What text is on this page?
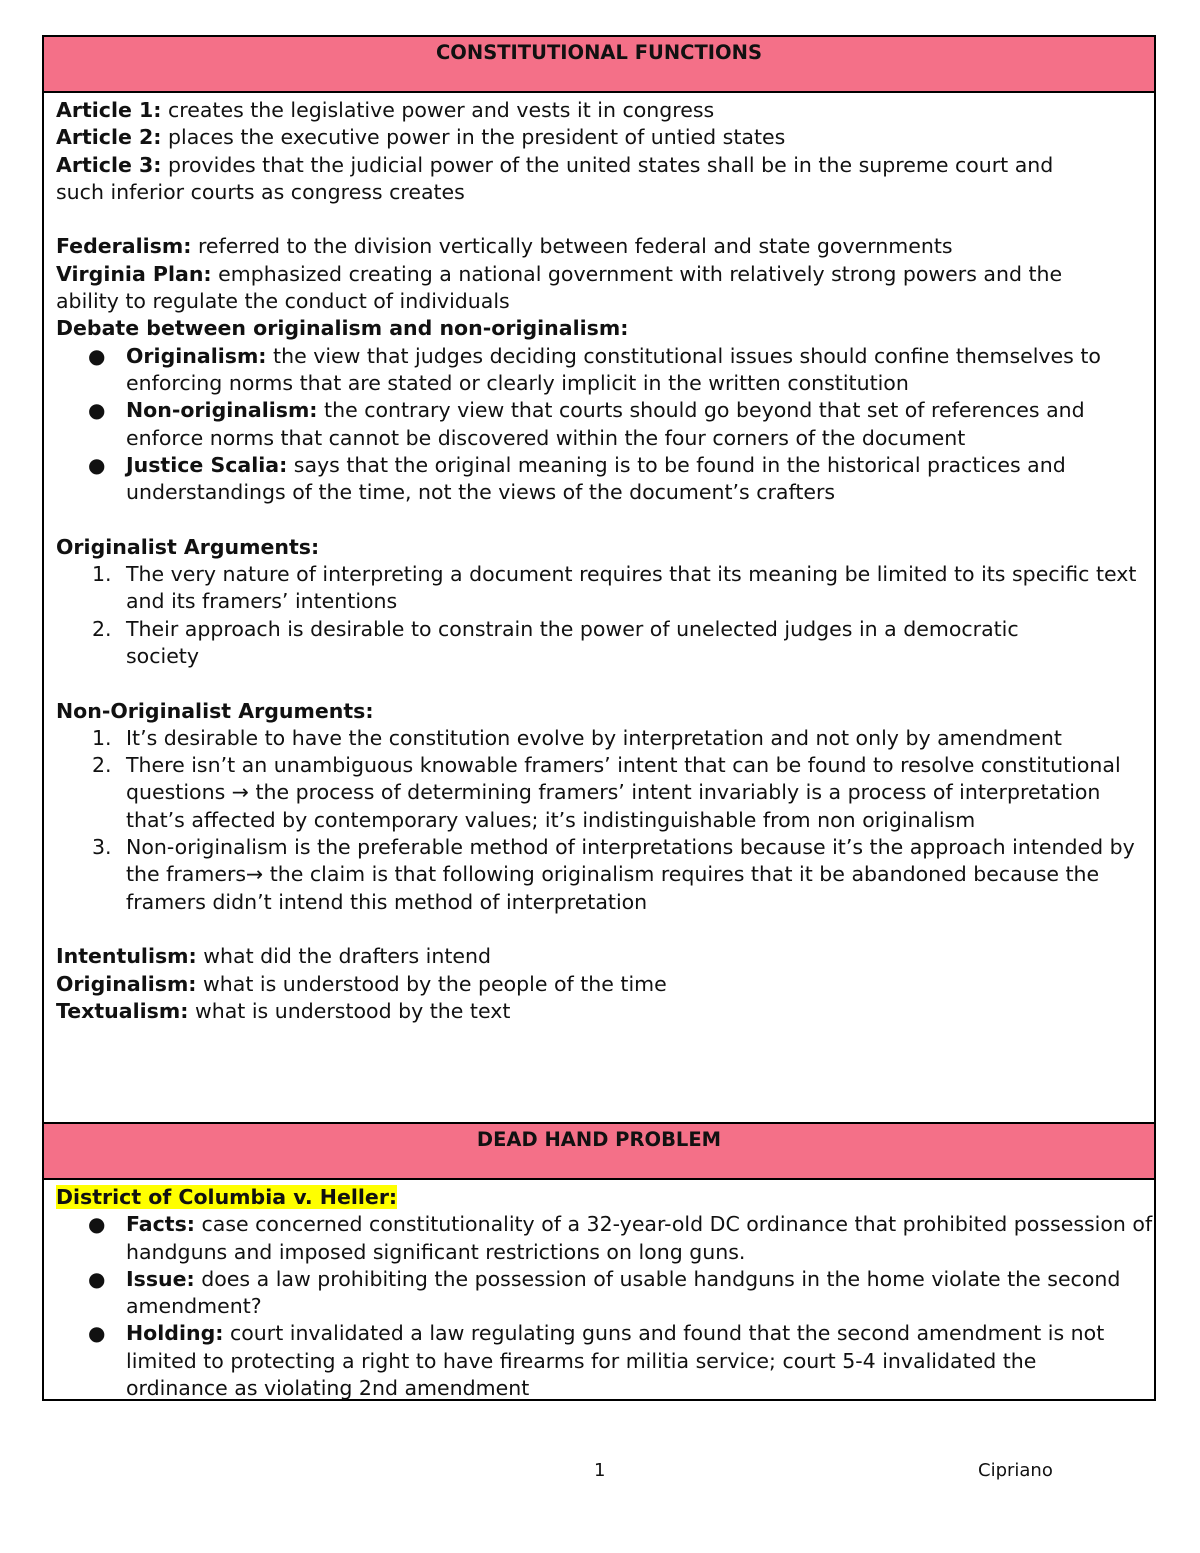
CONSTITUTIONAL FUNCTIONS
Article 1: creates the legislative power and vests it in congress
Article 2: places the executive power in the president of untied states
Article 3: provides that the judicial power of the united states shall be in the supreme court and such inferior courts as congress creates
Federalism: referred to the division vertically between federal and state governments
Virginia Plan: emphasized creating a national government with relatively strong powers and the ability to regulate the conduct of individuals
Debate between originalism and non-originalism:
● Originalism: the view that judges deciding constitutional issues should confine themselves to enforcing norms that are stated or clearly implicit in the written constitution
● Non-originalism: the contrary view that courts should go beyond that set of references and enforce norms that cannot be discovered within the four corners of the document
● Justice Scalia: says that the original meaning is to be found in the historical practices and understandings of the time, not the views of the document’s crafters
Originalist Arguments:
1. The very nature of interpreting a document requires that its meaning be limited to its specific text and its framers’ intentions
2. Their approach is desirable to constrain the power of unelected judges in a democratic society
Non-Originalist Arguments:
1. It’s desirable to have the constitution evolve by interpretation and not only by amendment
2. There isn’t an unambiguous knowable framers’ intent that can be found to resolve constitutional questions → the process of determining framers’ intent invariably is a process of interpretation that’s affected by contemporary values; it’s indistinguishable from non originalism
3. Non-originalism is the preferable method of interpretations because it’s the approach intended by the framers→ the claim is that following originalism requires that it be abandoned because the framers didn’t intend this method of interpretation
Intentulism: what did the drafters intend
Originalism: what is understood by the people of the time
Textualism: what is understood by the text
DEAD HAND PROBLEM
District of Columbia v. Heller:
● Facts: case concerned constitutionality of a 32-year-old DC ordinance that prohibited possession of handguns and imposed significant restrictions on long guns.
● Issue: does a law prohibiting the possession of usable handguns in the home violate the second amendment?
● Holding: court invalidated a law regulating guns and found that the second amendment is not limited to protecting a right to have firearms for militia service; court 5-4 invalidated the ordinance as violating 2nd amendment
1	Cipriano
